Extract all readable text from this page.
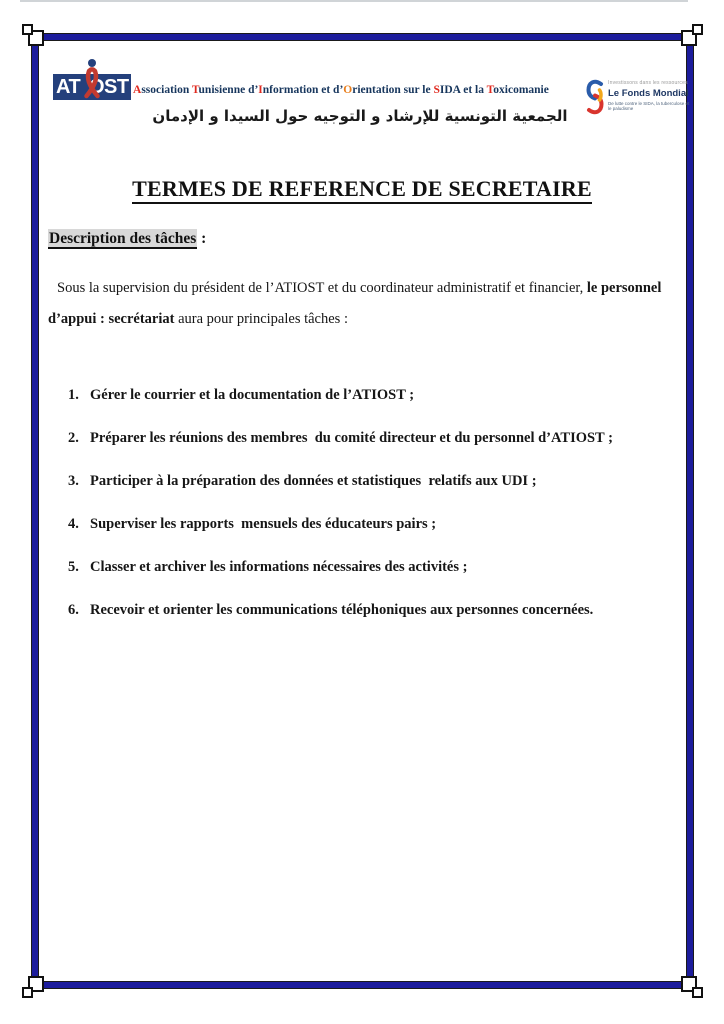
AT OST Association Tunisienne d’Information et d’Orientation sur le SIDA et la Toxicomanie
الجمعية التونسية للإرشاد و التوجيه حول السيدا و الإدمان
Investissons dans les ressources
Le Fonds Mondial
De lutte contre le SIDA, la tuberculose et le paludisme
TERMES DE REFERENCE DE SECRETAIRE
Description des tâches :
Sous la supervision du président de l’ATIOST et du coordinateur administratif et financier, le personnel d’appui : secrétariat aura pour principales tâches :
1. Gérer le courrier et la documentation de l’ATIOST ;
2. Préparer les réunions des membres  du comité directeur et du personnel d’ATIOST ;
3. Participer à la préparation des données et statistiques  relatifs aux UDI ;
4. Superviser les rapports  mensuels des éducateurs pairs ;
5. Classer et archiver les informations nécessaires des activités ;
6. Recevoir et orienter les communications téléphoniques aux personnes concernées.
